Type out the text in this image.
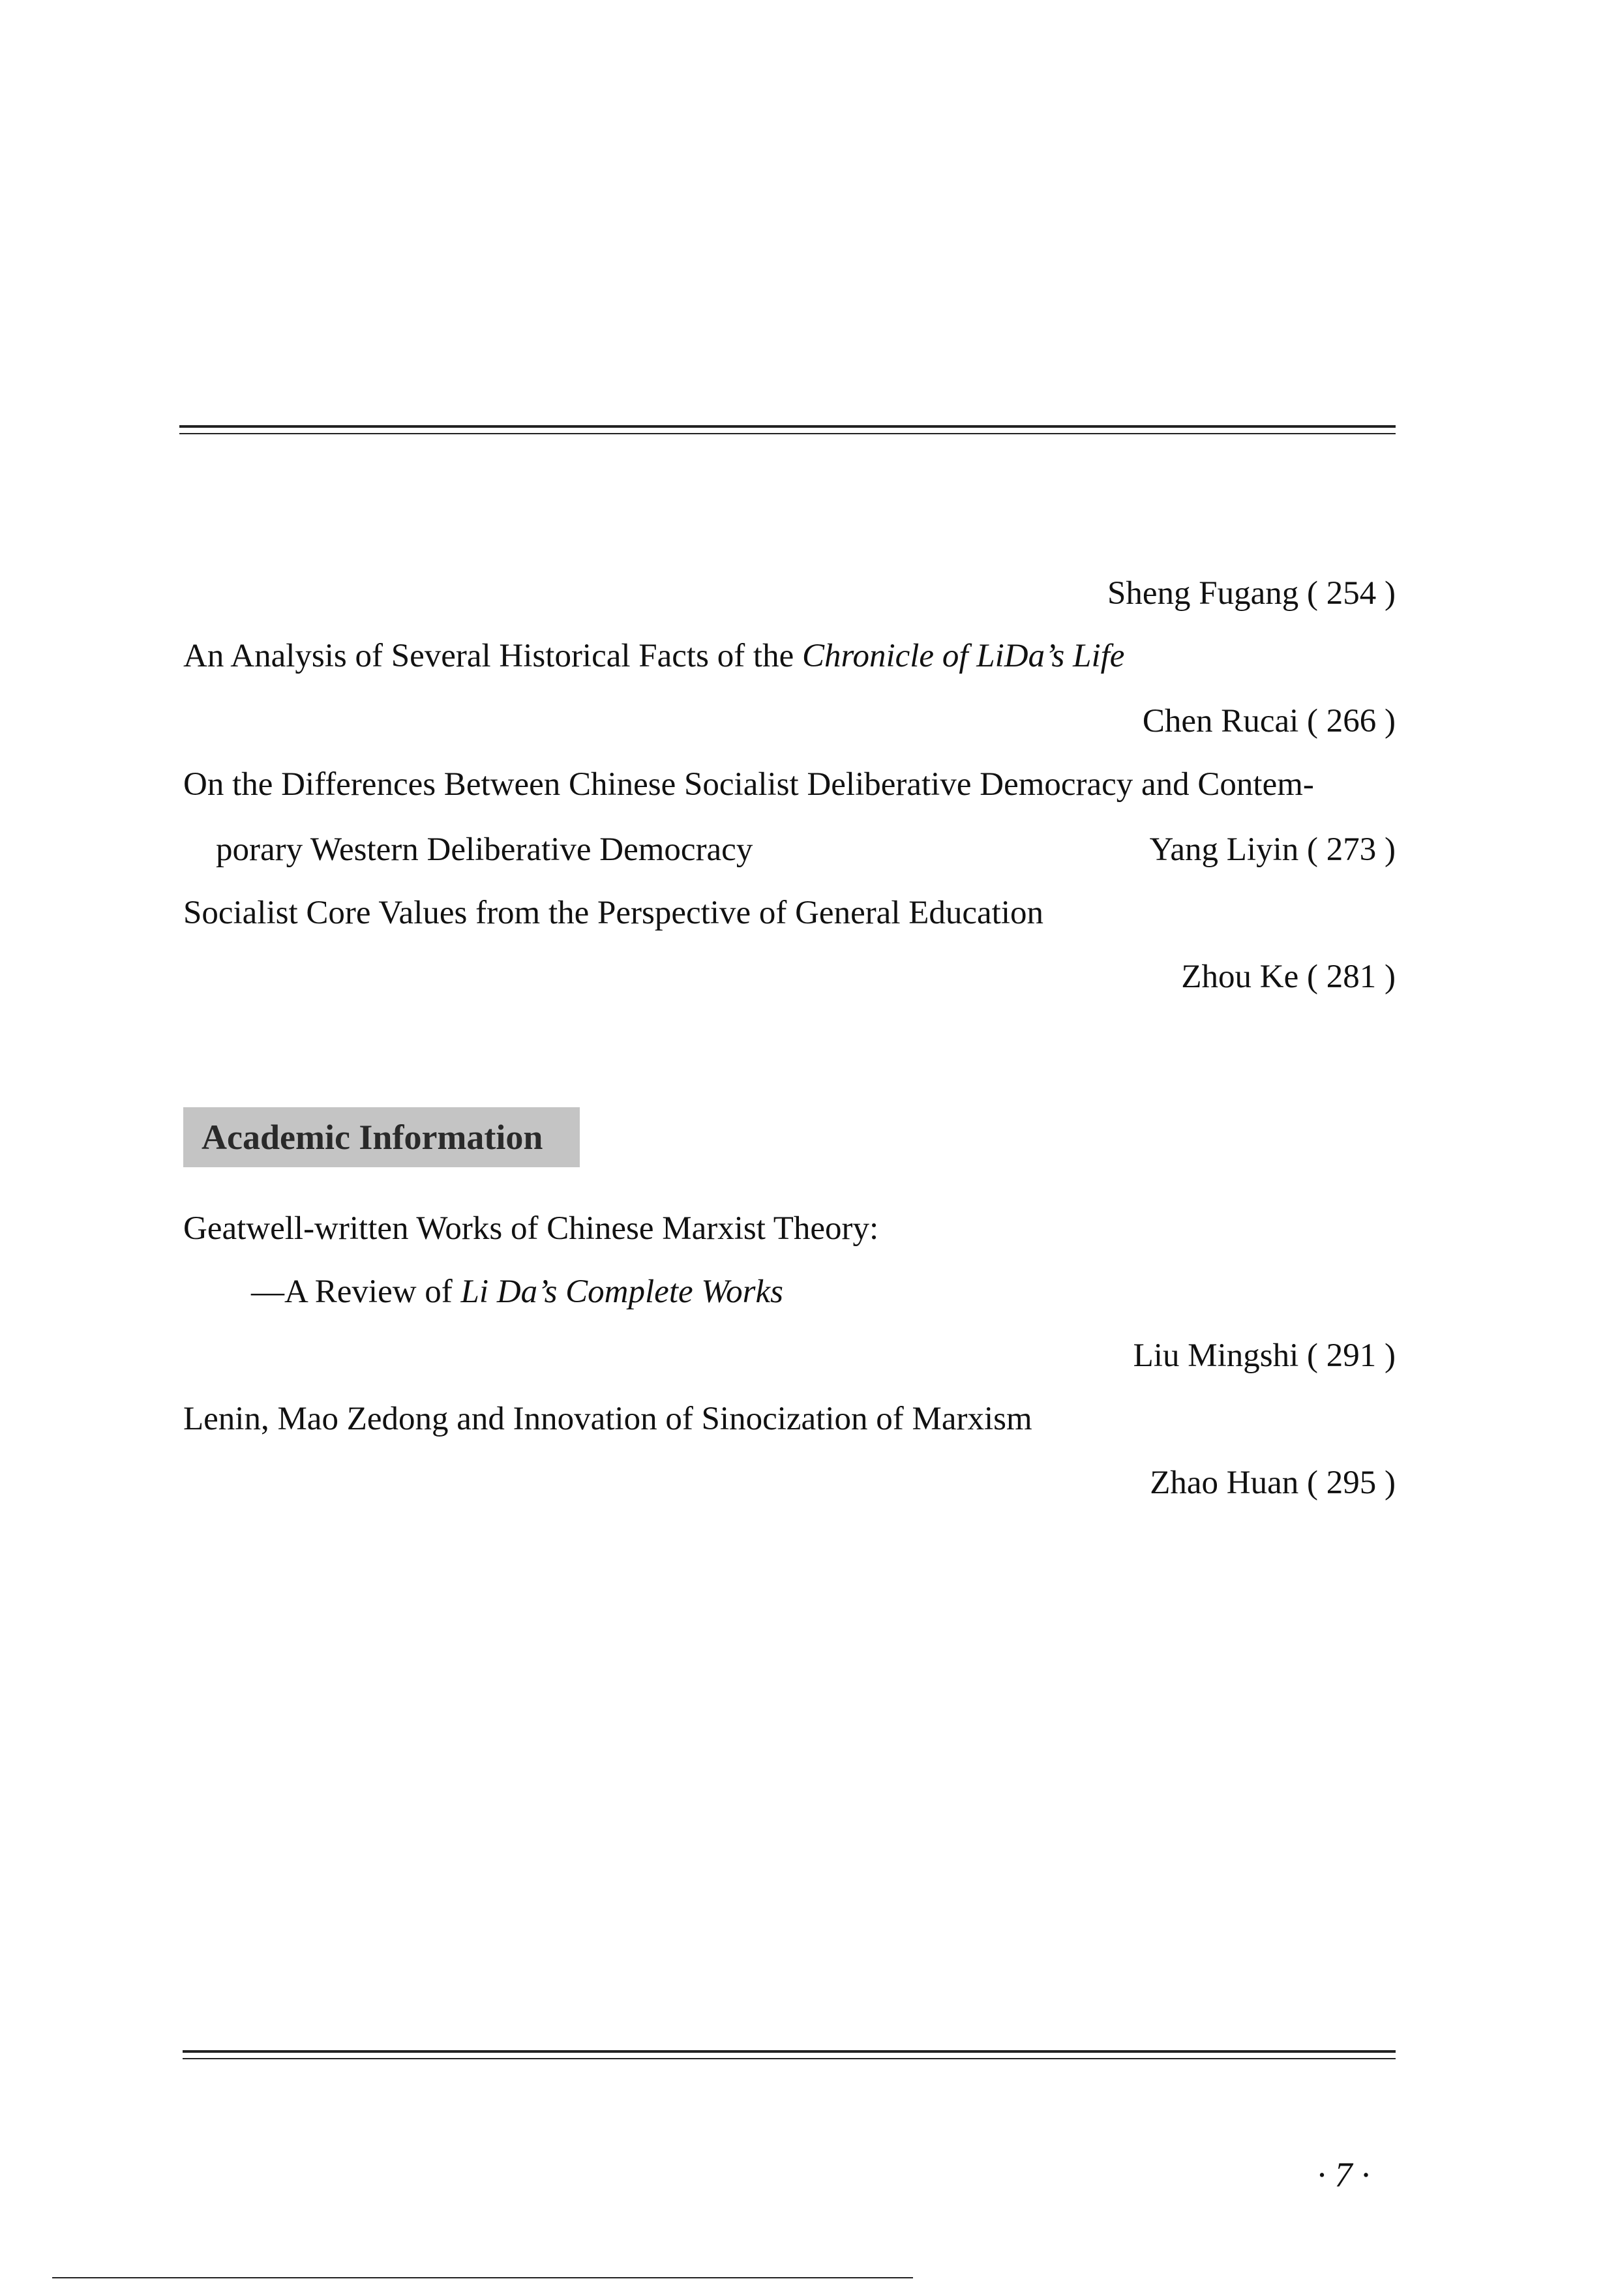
Sheng Fugang ( 254 )
An Analysis of Several Historical Facts of the Chronicle of LiDa’s Life
Chen Rucai ( 266 )
On the Differences Between Chinese Socialist Deliberative Democracy and Contem-
porary Western Deliberative Democracy	Yang Liyin ( 273 )
Socialist Core Values from the Perspective of General Education
Zhou Ke ( 281 )
Academic Information
Geatwell-written Works of Chinese Marxist Theory:
—A Review of Li Da’s Complete Works
Liu Mingshi ( 291 )
Lenin, Mao Zedong and Innovation of Sinocization of Marxism
Zhao Huan ( 295 )
· 7 ·
